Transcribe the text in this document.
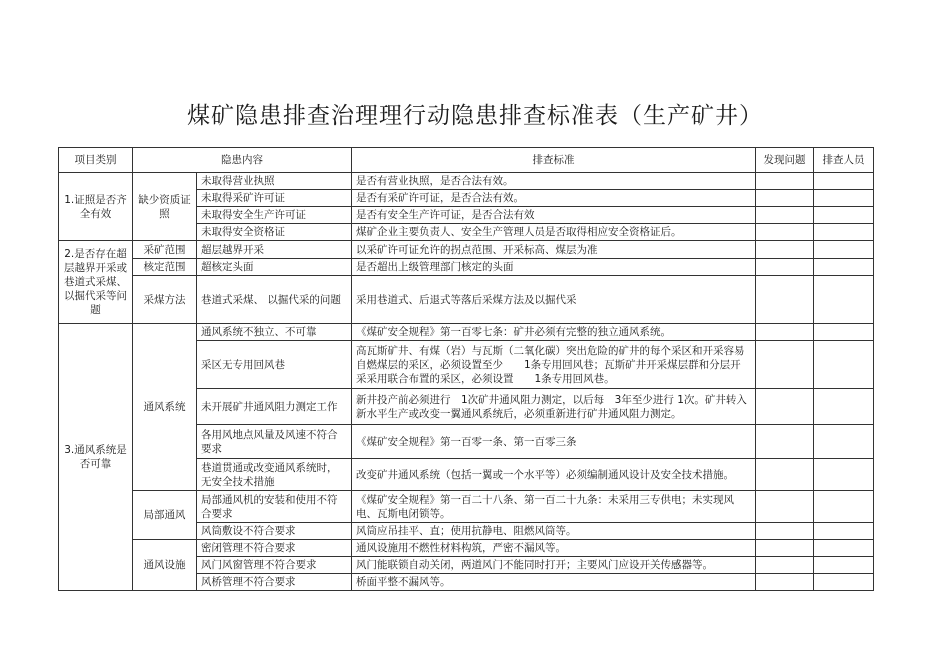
煤矿隐患排查治理理行动隐患排查标准表（生产矿井）
项目类别	隐患内容		排查标准	发现问题	排查人员
1.证照是否齐全有效	缺少资质证照	未取得营业执照	是否有营业执照，是否合法有效。		
		未取得采矿许可证	是否有采矿许可证，是否合法有效。		
		未取得安全生产许可证	是否有安全生产许可证，是否合法有效		
		未取得安全资格证	煤矿企业主要负责人、安全生产管理人员是否取得相应安全资格证后。		
2.是否存在超层越界开采或巷道式采煤、以掘代采等问题	采矿范围	超层越界开采	以采矿许可证允许的拐点范围、开采标高、煤层为准		
	核定范围	超核定头面	是否超出上级管理部门核定的头面		
	采煤方法	巷道式采煤、 以掘代采的问题	采用巷道式、后退式等落后采煤方法及以掘代采		
3.通风系统是否可靠	通风系统	通风系统不独立、不可靠	《煤矿安全规程》第一百零七条：矿井必须有完整的独立通风系统。		
		采区无专用回风巷	高瓦斯矿井、有煤（岩）与瓦斯（二氧化碳）突出危险的矿井的每个采区和开采容易自燃煤层的采区，必须设置至少　　1条专用回风巷；瓦斯矿井开采煤层群和分层开采采用联合布置的采区，必须设置　　1条专用回风巷。		
		未开展矿井通风阻力测定工作	新井投产前必须进行　1次矿井通风阻力测定，以后每　3年至少进行 1次。矿井转入新水平生产或改变一翼通风系统后，必须重新进行矿井通风阻力测定。		
		各用风地点风量及风速不符合要求	《煤矿安全规程》第一百零一条、第一百零三条		
		巷道贯通或改变通风系统时，无安全技术措施	改变矿井通风系统（包括一翼或一个水平等）必须编制通风设计及安全技术措施。		
	局部通风	局部通风机的安装和使用不符合要求	《煤矿安全规程》第一百二十八条、第一百二十九条：未采用三专供电；未实现风电、瓦斯电闭锁等。		
		风筒敷设不符合要求	风筒应吊挂平、直；使用抗静电、阻燃风筒等。		
	通风设施	密闭管理不符合要求	通风设施用不燃性材料构筑，严密不漏风等。		
		风门风窗管理不符合要求	风门能联锁自动关闭，两道风门不能同时打开；主要风门应设开关传感器等。		
		风桥管理不符合要求	桥面平整不漏风等。		
